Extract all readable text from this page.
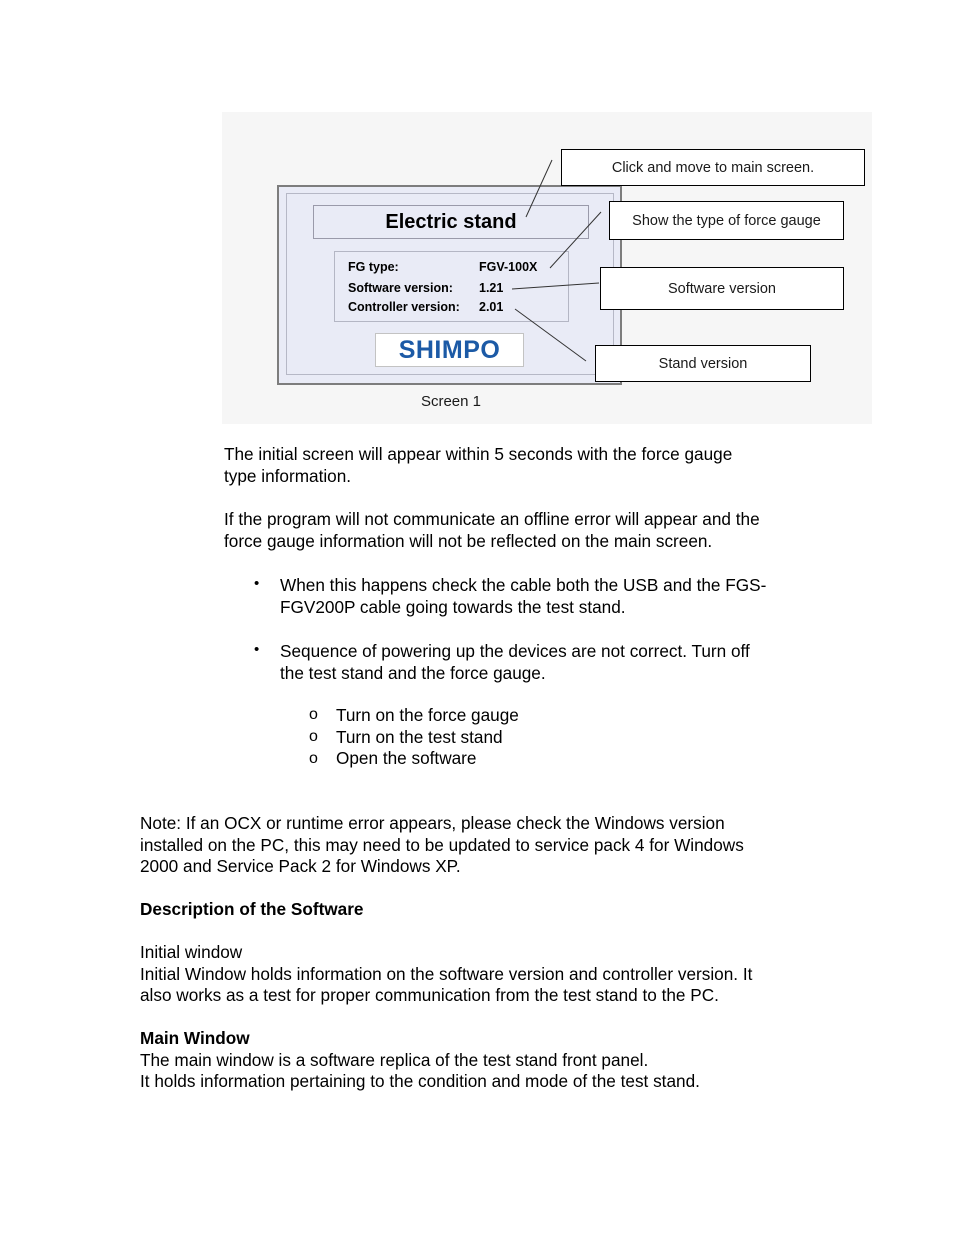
Electric stand
FG type:	FGV-100X
Software version: 1.21
Controller version: 2.01
SHIMPO
Click and move to main screen.
Show the type of force gauge
Software version
Stand version
Screen 1
The initial screen will appear within 5 seconds with the force gauge
type information.
If the program will not communicate an offline error will appear and the
force gauge information will not be reflected on the main screen.
• When this happens check the cable both the USB and the FGS-
FGV200P cable going towards the test stand.
• Sequence of powering up the devices are not correct. Turn off
the test stand and the force gauge.
o Turn on the force gauge
o Turn on the test stand
o Open the software
Note: If an OCX or runtime error appears, please check the Windows version
installed on the PC, this may need to be updated to service pack 4 for Windows
2000 and Service Pack 2 for Windows XP.
Description of the Software
Initial window
Initial Window holds information on the software version and controller version. It
also works as a test for proper communication from the test stand to the PC.
Main Window
The main window is a software replica of the test stand front panel.
It holds information pertaining to the condition and mode of the test stand.
